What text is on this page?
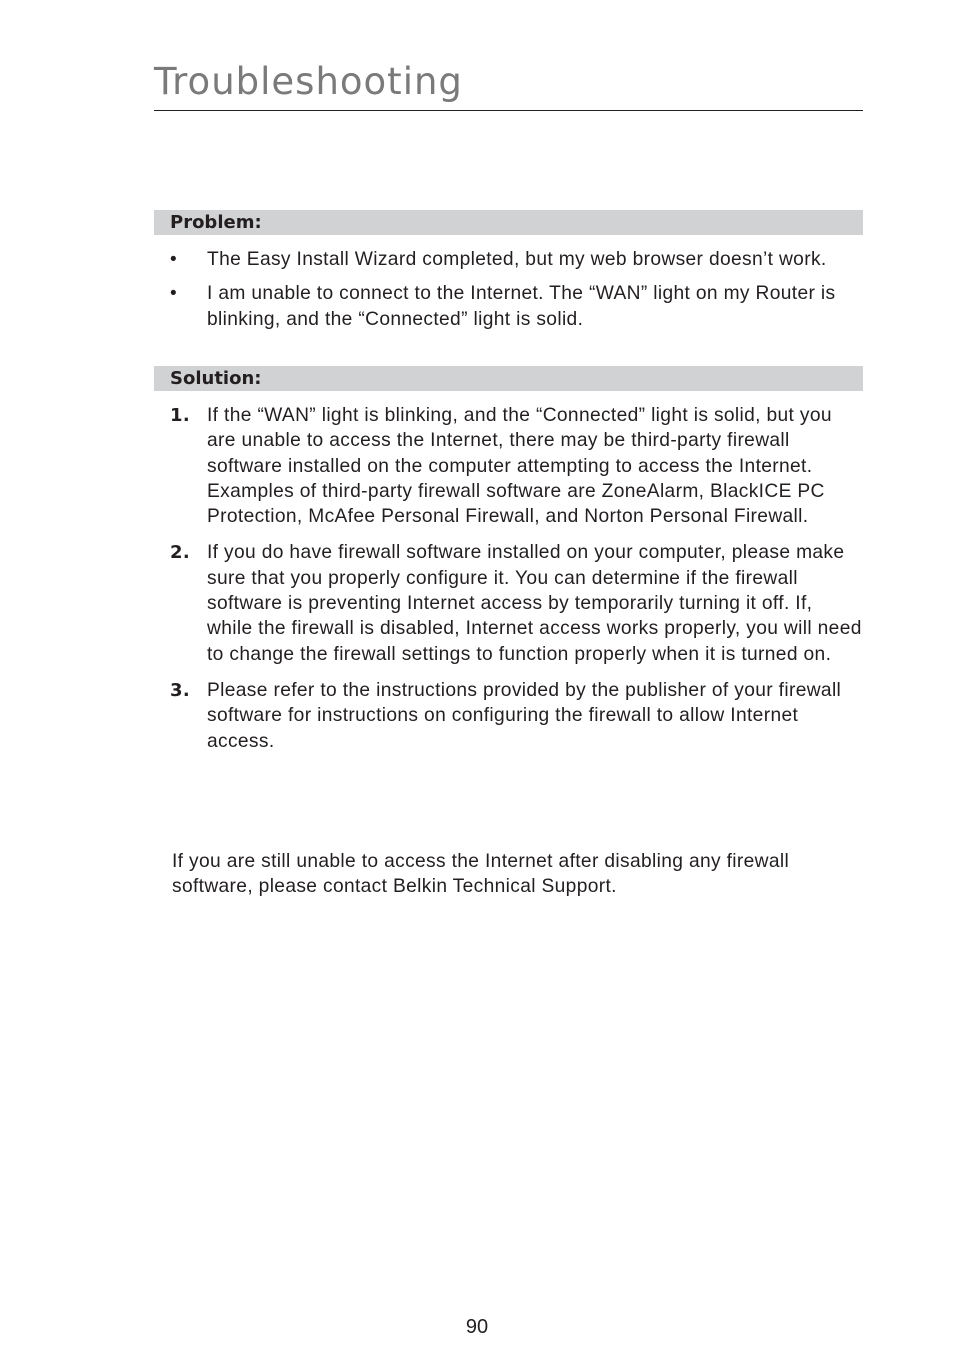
Troubleshooting
Problem:
• The Easy Install Wizard completed, but my web browser doesn’t work.
• I am unable to connect to the Internet. The “WAN” light on my Router is blinking, and the “Connected” light is solid.
Solution:
1. If the “WAN” light is blinking, and the “Connected” light is solid, but you are unable to access the Internet, there may be third-party firewall software installed on the computer attempting to access the Internet. Examples of third-party firewall software are ZoneAlarm, BlackICE PC Protection, McAfee Personal Firewall, and Norton Personal Firewall.
2. If you do have firewall software installed on your computer, please make sure that you properly configure it. You can determine if the firewall software is preventing Internet access by temporarily turning it off. If, while the firewall is disabled, Internet access works properly, you will need to change the firewall settings to function properly when it is turned on.
3. Please refer to the instructions provided by the publisher of your firewall software for instructions on configuring the firewall to allow Internet access.

If you are still unable to access the Internet after disabling any firewall software, please contact Belkin Technical Support.

90
